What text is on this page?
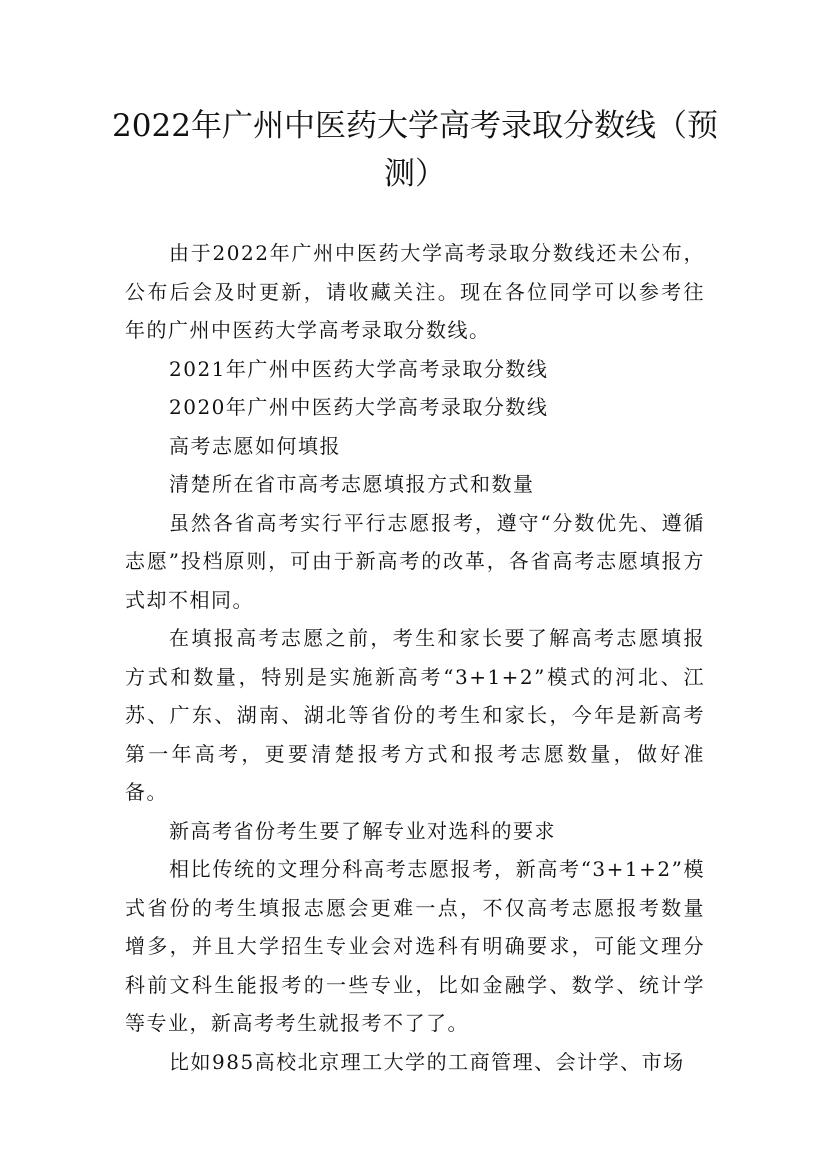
2022年广州中医药大学高考录取分数线（预测）

由于2022年广州中医药大学高考录取分数线还未公布，公布后会及时更新，请收藏关注。现在各位同学可以参考往年的广州中医药大学高考录取分数线。

2021年广州中医药大学高考录取分数线

2020年广州中医药大学高考录取分数线

高考志愿如何填报

清楚所在省市高考志愿填报方式和数量

虽然各省高考实行平行志愿报考，遵守“分数优先、遵循志愿”投档原则，可由于新高考的改革，各省高考志愿填报方式却不相同。

在填报高考志愿之前，考生和家长要了解高考志愿填报方式和数量，特别是实施新高考“3+1+2”模式的河北、江苏、广东、湖南、湖北等省份的考生和家长，今年是新高考第一年高考，更要清楚报考方式和报考志愿数量，做好准备。

新高考省份考生要了解专业对选科的要求

相比传统的文理分科高考志愿报考，新高考“3+1+2”模式省份的考生填报志愿会更难一点，不仅高考志愿报考数量增多，并且大学招生专业会对选科有明确要求，可能文理分科前文科生能报考的一些专业，比如金融学、数学、统计学等专业，新高考考生就报考不了了。

比如985高校北京理工大学的工商管理、会计学、市场
